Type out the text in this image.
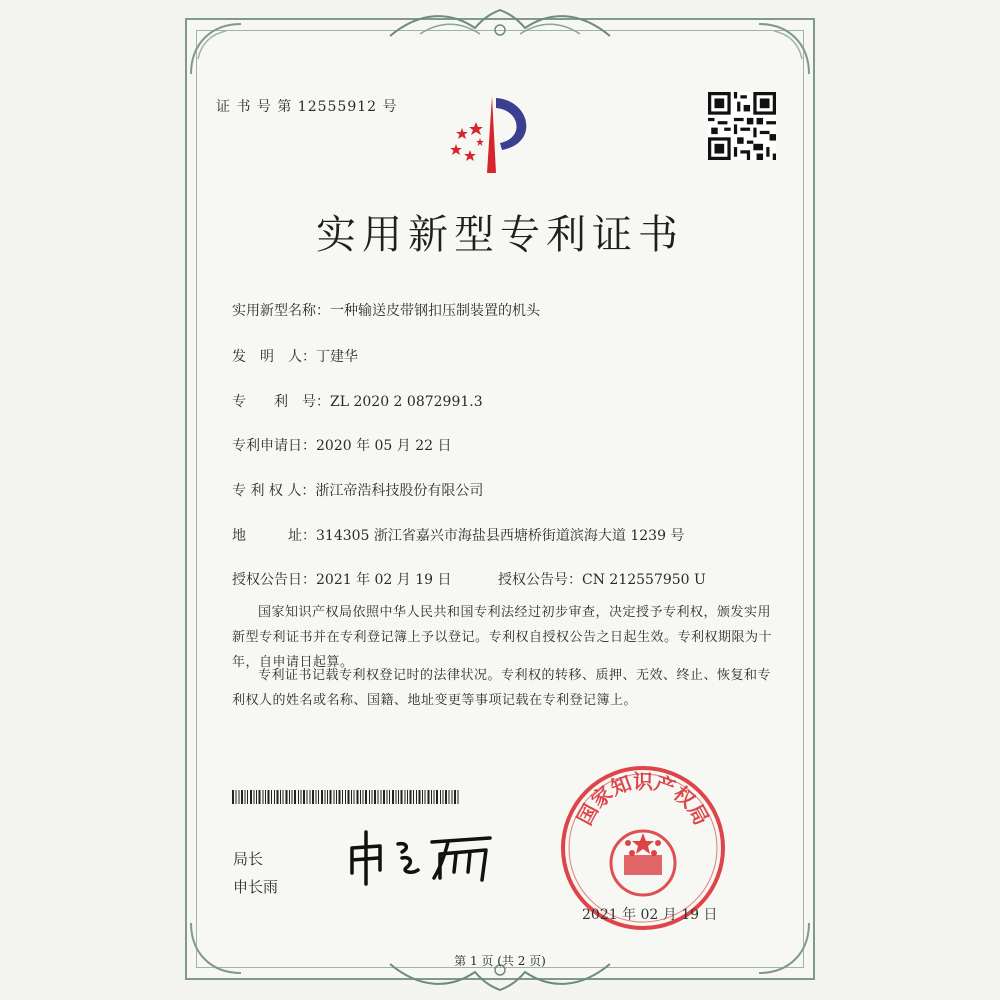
证 书 号 第 12555912 号
实用新型专利证书
实用新型名称：一种输送皮带钢扣压制装置的机头
发　明　人：丁建华
专　　利　号：ZL 2020 2 0872991.3
专利申请日：2020 年 05 月 22 日
专 利 权 人：浙江帝浩科技股份有限公司
地　　　址：314305 浙江省嘉兴市海盐县西塘桥街道滨海大道 1239 号
授权公告日：2021 年 02 月 19 日	授权公告号：CN 212557950 U
国家知识产权局依照中华人民共和国专利法经过初步审查，决定授予专利权，颁发实用新型专利证书并在专利登记簿上予以登记。专利权自授权公告之日起生效。专利权期限为十年，自申请日起算。
专利证书记载专利权登记时的法律状况。专利权的转移、质押、无效、终止、恢复和专利权人的姓名或名称、国籍、地址变更等事项记载在专利登记簿上。
局长
申长雨
国家知识产权局
2021 年 02 月 19 日
第 1 页 (共 2 页)
